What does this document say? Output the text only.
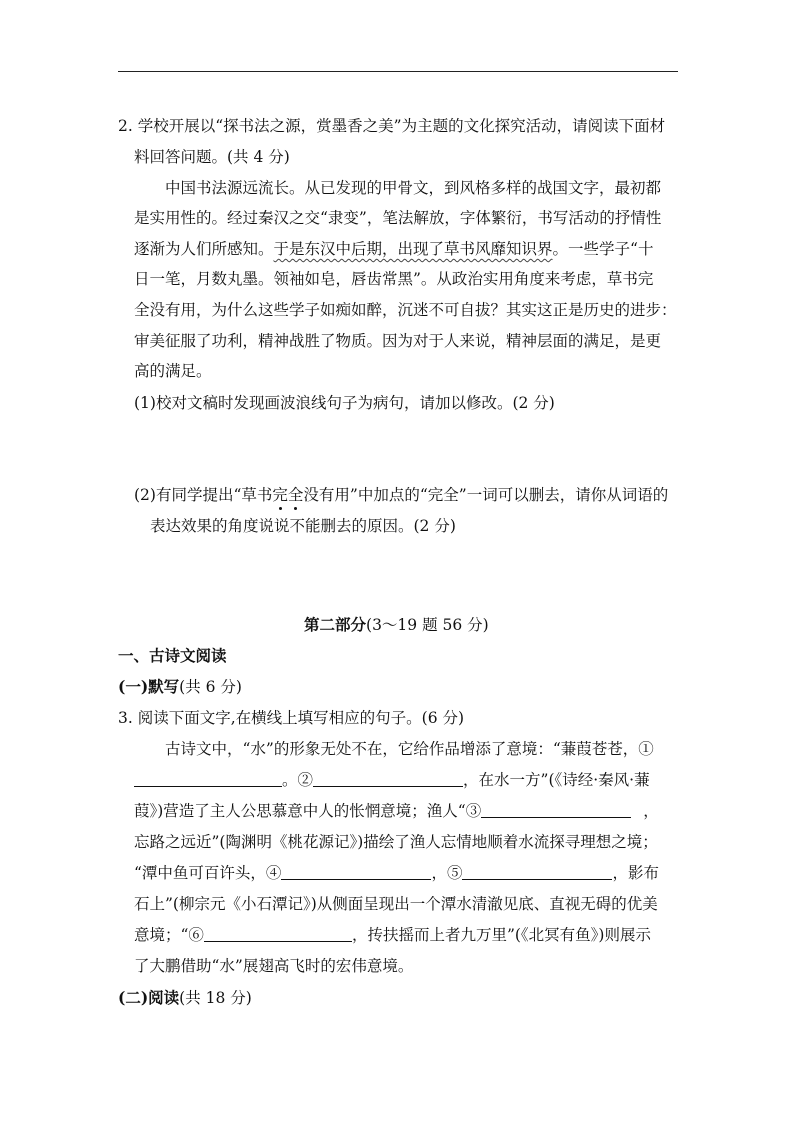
2. 学校开展以“探书法之源，赏墨香之美”为主题的文化探究活动，请阅读下面材
料回答问题。(共 4 分)
中国书法源远流长。从已发现的甲骨文，到风格多样的战国文字，最初都
是实用性的。经过秦汉之交“隶变”，笔法解放，字体繁衍，书写活动的抒情性
逐渐为人们所感知。于是东汉中后期，出现了草书风靡知识界。一些学子“十
日一笔，月数丸墨。领袖如皂，唇齿常黑”。从政治实用角度来考虑，草书完
全没有用，为什么这些学子如痴如醉，沉迷不可自拔？其实这正是历史的进步：
审美征服了功利，精神战胜了物质。因为对于人来说，精神层面的满足，是更
高的满足。
(1)校对文稿时发现画波浪线句子为病句，请加以修改。(2 分)
(2)有同学提出“草书完全没有用”中加点的“完全”一词可以删去，请你从词语的
表达效果的角度说说不能删去的原因。(2 分)
第二部分(3～19 题 56 分)
一、古诗文阅读
(一)默写(共 6 分)
3. 阅读下面文字,在横线上填写相应的句子。(6 分)
古诗文中，“水”的形象无处不在，它给作品增添了意境：“蒹葭苍苍，①
。②	，在水一方”(《诗经·秦风·蒹
葭》)营造了主人公思慕意中人的怅惘意境；渔人“③	，
忘路之远近”(陶渊明《桃花源记》)描绘了渔人忘情地顺着水流探寻理想之境；
“潭中鱼可百许头，④	，⑤	，影布
石上”(柳宗元《小石潭记》)从侧面呈现出一个潭水清澈见底、直视无碍的优美
意境；“⑥	，抟扶摇而上者九万里”(《北冥有鱼》)则展示
了大鹏借助“水”展翅高飞时的宏伟意境。
(二)阅读(共 18 分)
